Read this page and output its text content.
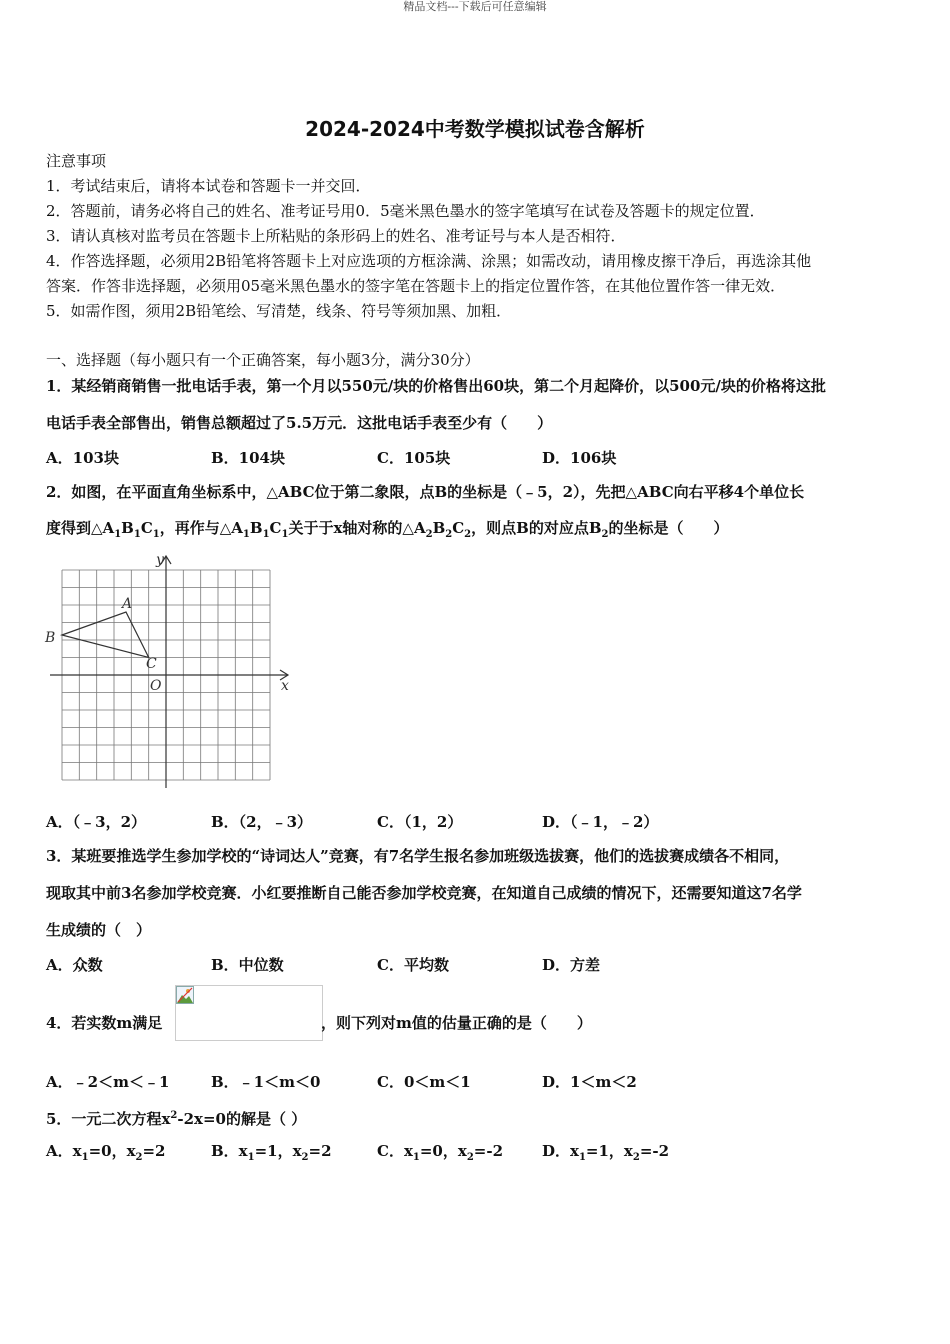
精品文档---下载后可任意编辑
2024-2024中考数学模拟试卷含解析
注意事项
1．考试结束后，请将本试卷和答题卡一并交回．
2．答题前，请务必将自己的姓名、准考证号用0．5毫米黑色墨水的签字笔填写在试卷及答题卡的规定位置．
3．请认真核对监考员在答题卡上所粘贴的条形码上的姓名、准考证号与本人是否相符．
4．作答选择题，必须用2B铅笔将答题卡上对应选项的方框涂满、涂黑；如需改动，请用橡皮擦干净后，再选涂其他
答案．作答非选择题，必须用05毫米黑色墨水的签字笔在答题卡上的指定位置作答，在其他位置作答一律无效．
5．如需作图，须用2B铅笔绘、写清楚，线条、符号等须加黑、加粗．
一、选择题（每小题只有一个正确答案，每小题3分，满分30分）
1．某经销商销售一批电话手表，第一个月以550元/块的价格售出60块，第二个月起降价，以500元/块的价格将这批
电话手表全部售出，销售总额超过了5.5万元．这批电话手表至少有（　　）
A．103块	B．104块	C．105块	D．106块
2．如图，在平面直角坐标系中，△ABC位于第二象限，点B的坐标是（﹣5，2），先把△ABC向右平移4个单位长
度得到$\triangle A_1B_1C_1$，再作与$\triangle A_1B_1C_1$关于于x轴对称的$\triangle A_2B_2C_2$，则点B的对应点$B_2$的坐标是（　　）
y
x
O
A
B
C
A．（﹣3，2）	B．（2，﹣3）	C．（1，2）	D．（﹣1，﹣2）
3．某班要推选学生参加学校的“诗词达人”竞赛，有7名学生报名参加班级选拔赛，他们的选拔赛成绩各不相同，
现取其中前3名参加学校竞赛．小红要推断自己能否参加学校竞赛，在知道自己成绩的情况下，还需要知道这7名学
生成绩的（　）
A．众数	B．中位数	C．平均数	D．方差
4．若实数m满足	，则下列对m值的估量正确的是（　　）
A．﹣2＜m＜﹣1	B．﹣1＜m＜0	C．0＜m＜1	D．1＜m＜2
5．一元二次方程$x^2-2x=0$的解是（ ）
A．$x_1=0$，$x_2=2$	B．$x_1=1$，$x_2=2$	C．$x_1=0$，$x_2=-2$	D．$x_1=1$，$x_2=-2$
